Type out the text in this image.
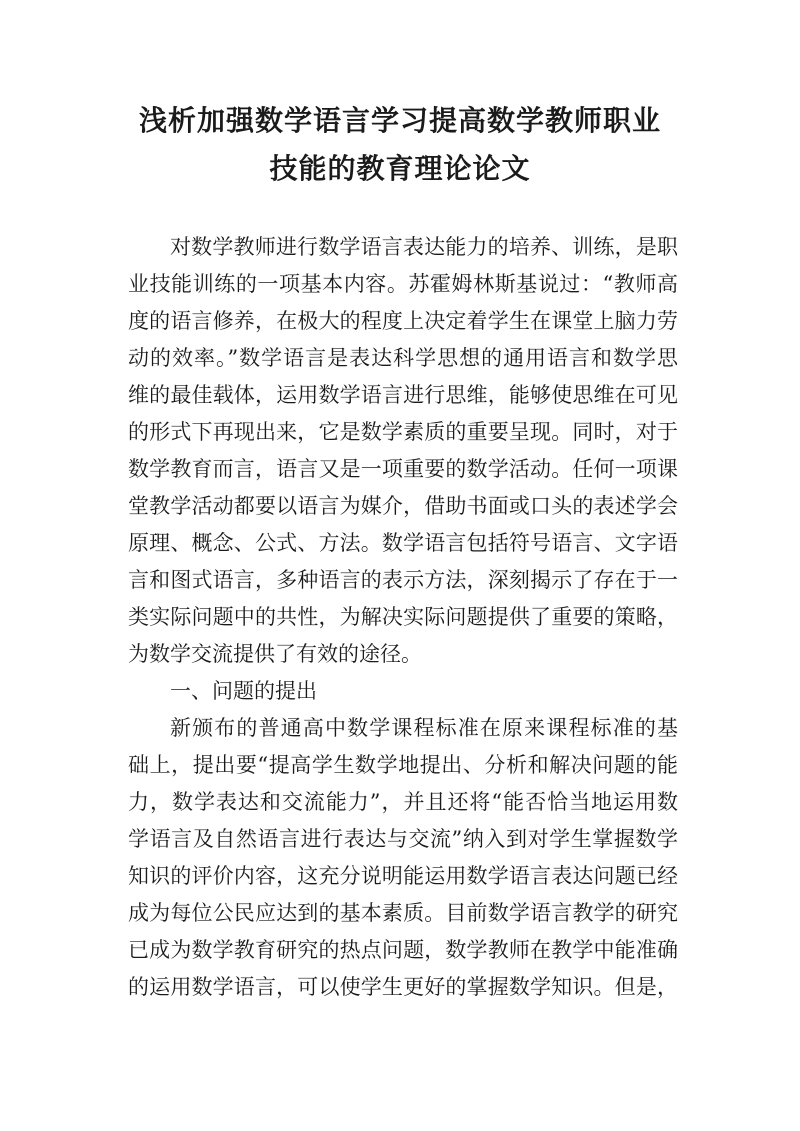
浅析加强数学语言学习提高数学教师职业
技能的教育理论论文
对数学教师进行数学语言表达能力的培养、训练，是职
业技能训练的一项基本内容。苏霍姆林斯基说过：“教师高
度的语言修养，在极大的程度上决定着学生在课堂上脑力劳
动的效率。”数学语言是表达科学思想的通用语言和数学思
维的最佳载体，运用数学语言进行思维，能够使思维在可见
的形式下再现出来，它是数学素质的重要呈现。同时，对于
数学教育而言，语言又是一项重要的数学活动。任何一项课
堂教学活动都要以语言为媒介，借助书面或口头的表述学会
原理、概念、公式、方法。数学语言包括符号语言、文字语
言和图式语言，多种语言的表示方法，深刻揭示了存在于一
类实际问题中的共性，为解决实际问题提供了重要的策略，
为数学交流提供了有效的途径。
一、问题的提出
新颁布的普通高中数学课程标准在原来课程标准的基
础上，提出要“提高学生数学地提出、分析和解决问题的能
力，数学表达和交流能力”，并且还将“能否恰当地运用数
学语言及自然语言进行表达与交流”纳入到对学生掌握数学
知识的评价内容，这充分说明能运用数学语言表达问题已经
成为每位公民应达到的基本素质。目前数学语言教学的研究
已成为数学教育研究的热点问题，数学教师在教学中能准确
的运用数学语言，可以使学生更好的掌握数学知识。但是，
